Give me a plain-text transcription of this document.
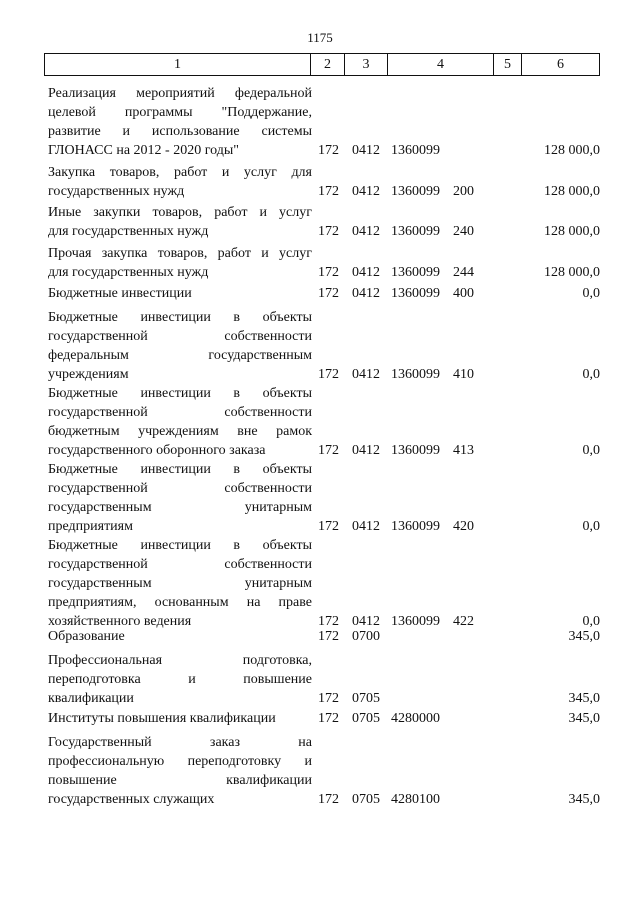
1175
1	2	3	4	5	6
Реализация мероприятий федеральной
целевой программы "Поддержание,
развитие и использование системы
ГЛОНАСС на 2012 - 2020 годы"	172 0412 1360099	128 000,0
Закупка товаров, работ и услуг для
государственных нужд	172 0412 1360099 200	128 000,0
Иные закупки товаров, работ и услуг
для государственных нужд	172 0412 1360099 240	128 000,0
Прочая закупка товаров, работ и услуг
для государственных нужд	172 0412 1360099 244	128 000,0
Бюджетные инвестиции	172 0412 1360099 400	0,0
Бюджетные инвестиции в объекты
государственной собственности
федеральным государственным
учреждениям	172 0412 1360099 410	0,0
Бюджетные инвестиции в объекты
государственной собственности
бюджетным учреждениям вне рамок
государственного оборонного заказа	172 0412 1360099 413	0,0
Бюджетные инвестиции в объекты
государственной собственности
государственным унитарным
предприятиям	172 0412 1360099 420	0,0
Бюджетные инвестиции в объекты
государственной собственности
государственным унитарным
предприятиям, основанным на праве
хозяйственного ведения	172 0412 1360099 422	0,0
Образование	172 0700	345,0
Профессиональная подготовка,
переподготовка и повышение
квалификации	172 0705	345,0
Институты повышения квалификации	172 0705 4280000	345,0
Государственный заказ на
профессиональную переподготовку и
повышение квалификации
государственных служащих	172 0705 4280100	345,0
